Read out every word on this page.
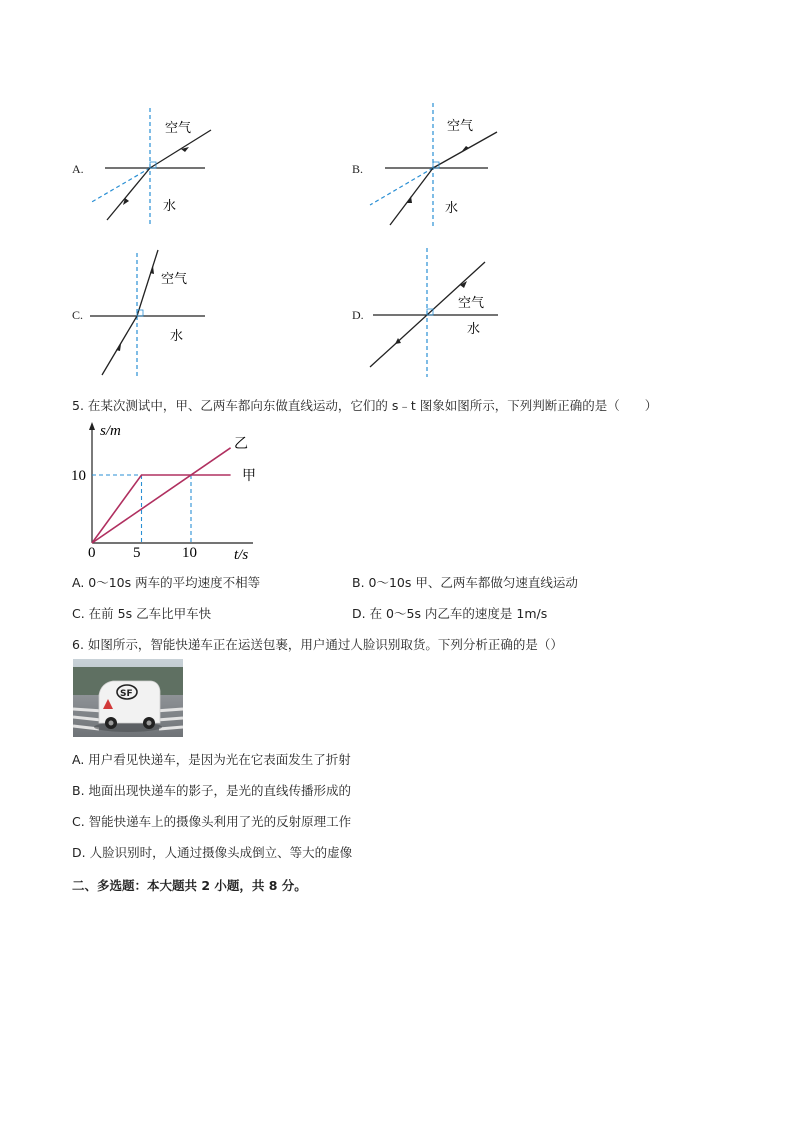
A.
空气
水
B.
空气
水
C.
空气
水
D.
空气
水
5. 在某次测试中，甲、乙两车都向东做直线运动，它们的 s﹣t 图象如图所示，下列判断正确的是（　　）
s/m
t/s
10
0	5	10
乙
甲
A. 0～10s 两车的平均速度不相等	B. 0～10s 甲、乙两车都做匀速直线运动
C. 在前 5s 乙车比甲车快	D. 在 0～5s 内乙车的速度是 1m/s
6. 如图所示，智能快递车正在运送包裹，用户通过人脸识别取货。下列分析正确的是（）
SF
A. 用户看见快递车，是因为光在它表面发生了折射
B. 地面出现快递车的影子，是光的直线传播形成的
C. 智能快递车上的摄像头利用了光的反射原理工作
D. 人脸识别时，人通过摄像头成倒立、等大的虚像
二、多选题：本大题共 2 小题，共 8 分。
